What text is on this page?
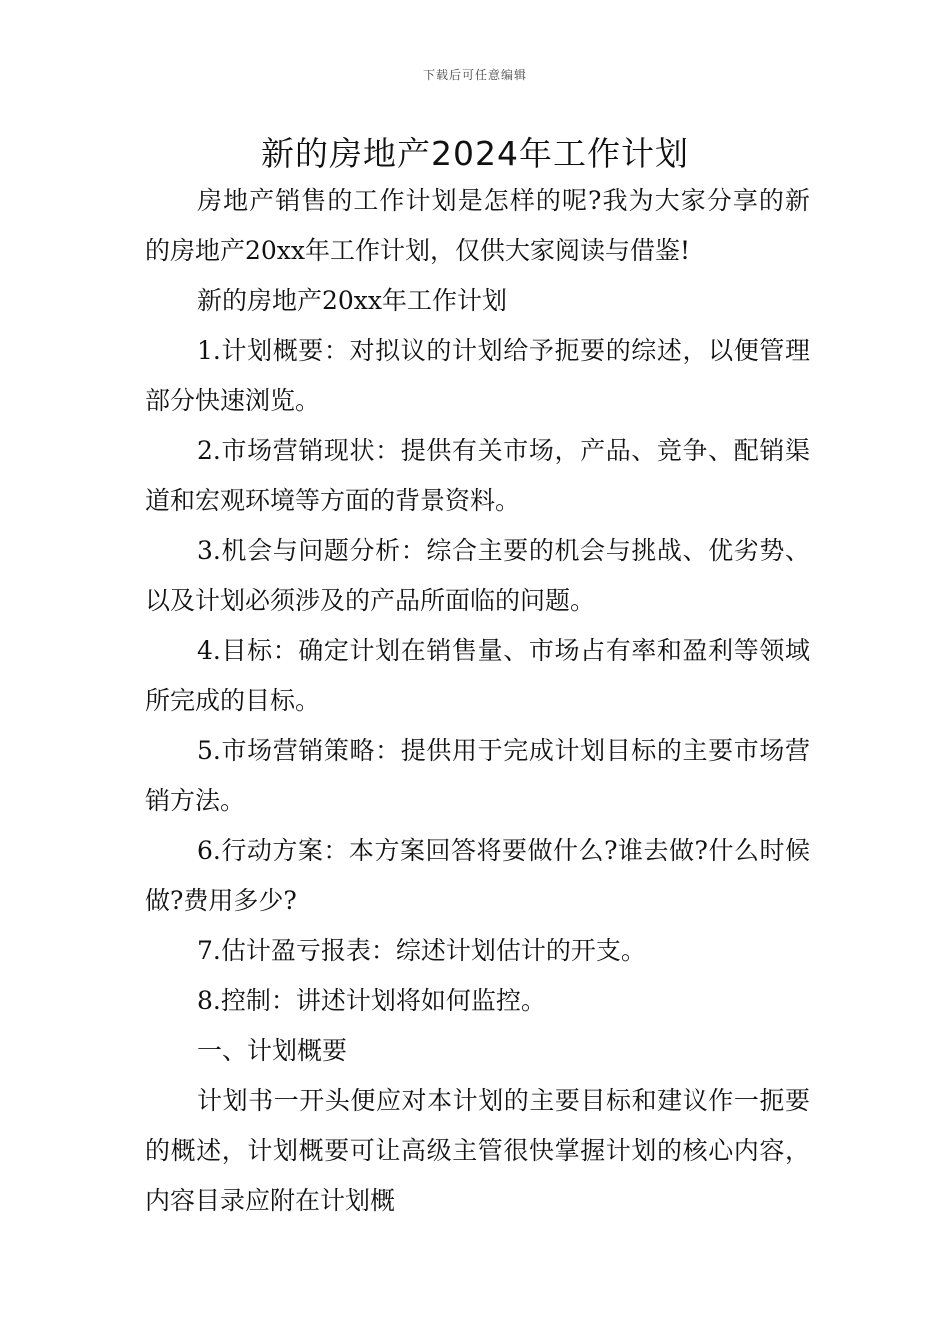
下载后可任意编辑
新的房地产2024年工作计划

房地产销售的工作计划是怎样的呢?我为大家分享的新的房地产20xx年工作计划，仅供大家阅读与借鉴!

新的房地产20xx年工作计划

1.计划概要：对拟议的计划给予扼要的综述，以便管理部分快速浏览。

2.市场营销现状：提供有关市场，产品、竞争、配销渠道和宏观环境等方面的背景资料。

3.机会与问题分析：综合主要的机会与挑战、优劣势、以及计划必须涉及的产品所面临的问题。

4.目标：确定计划在销售量、市场占有率和盈利等领域所完成的目标。

5.市场营销策略：提供用于完成计划目标的主要市场营销方法。

6.行动方案：本方案回答将要做什么?谁去做?什么时候做?费用多少?

7.估计盈亏报表：综述计划估计的开支。

8.控制：讲述计划将如何监控。

一、计划概要

计划书一开头便应对本计划的主要目标和建议作一扼要的概述，计划概要可让高级主管很快掌握计划的核心内容，内容目录应附在计划概
